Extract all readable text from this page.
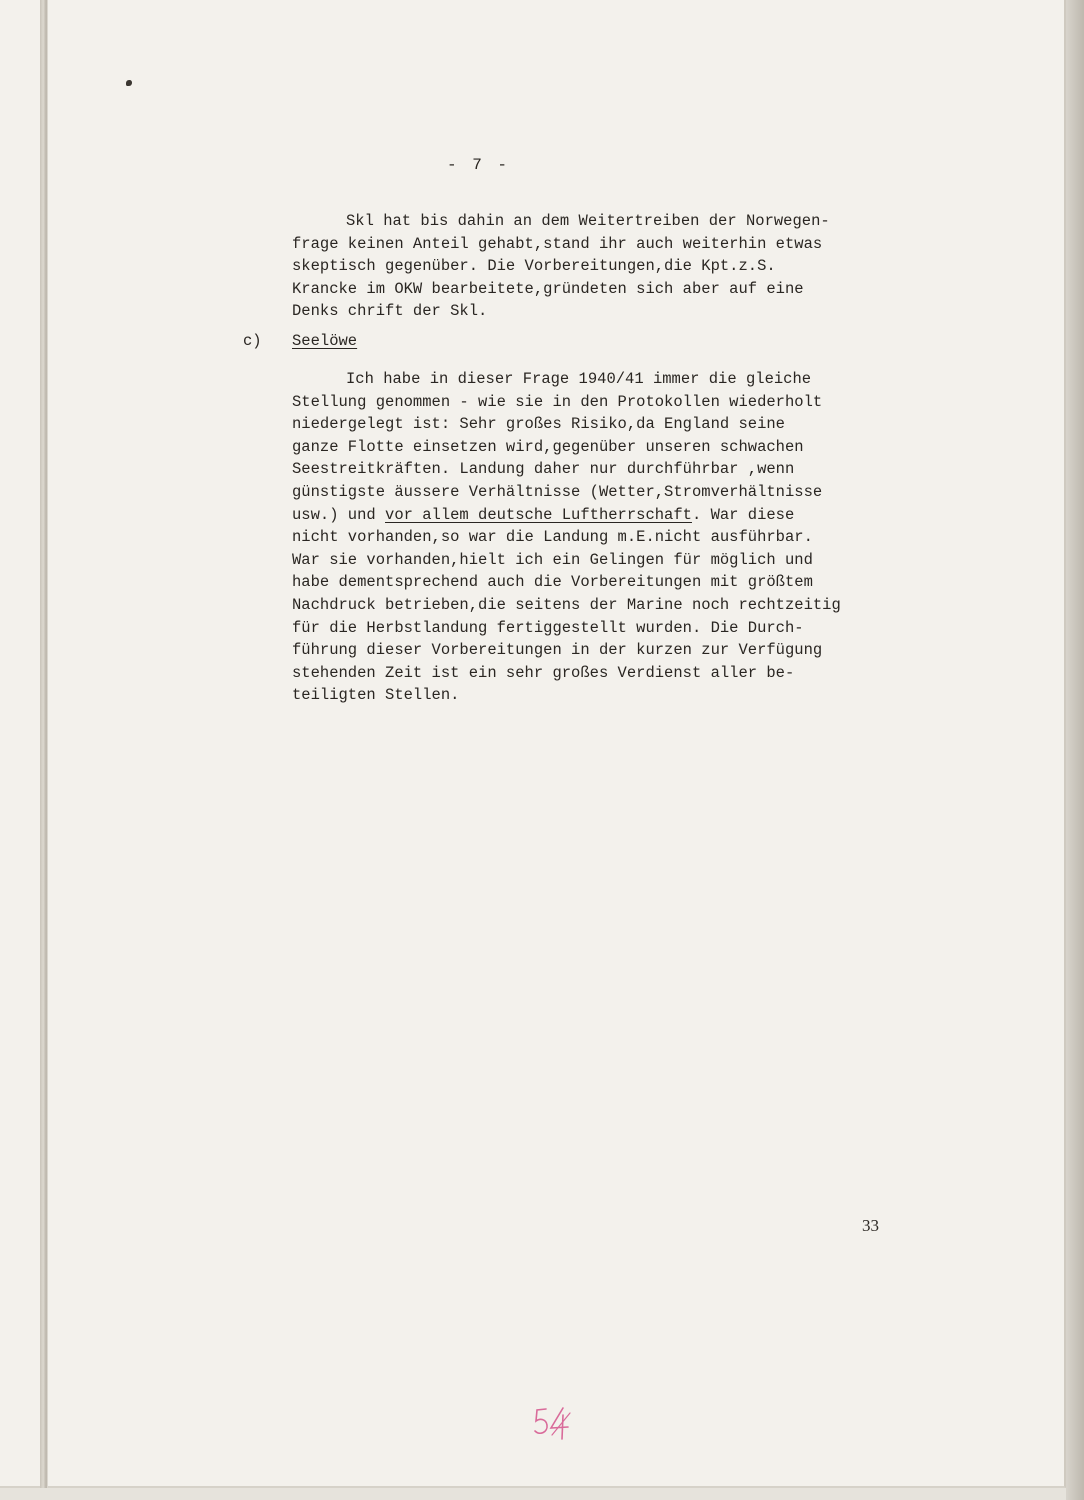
- 7 -
Skl hat bis dahin an dem Weitertreiben der Norwegen-
frage keinen Anteil gehabt,stand ihr auch weiterhin etwas
skeptisch gegenüber. Die Vorbereitungen,die Kpt.z.S.
Krancke im OKW bearbeitete,gründeten sich aber auf eine
Denks chrift der Skl.
c) Seelöwe
Ich habe in dieser Frage 1940/41 immer die gleiche
Stellung genommen - wie sie in den Protokollen wiederholt
niedergelegt ist: Sehr großes Risiko,da England seine
ganze Flotte einsetzen wird,gegenüber unseren schwachen
Seestreitkräften. Landung daher nur durchführbar ,wenn
günstigste äussere Verhältnisse (Wetter,Stromverhältnisse
usw.) und vor allem deutsche Luftherrschaft. War diese
nicht vorhanden,so war die Landung m.E.nicht ausführbar.
War sie vorhanden,hielt ich ein Gelingen für möglich und
habe dementsprechend auch die Vorbereitungen mit größtem
Nachdruck betrieben,die seitens der Marine noch rechtzeitig
für die Herbstlandung fertiggestellt wurden. Die Durch-
führung dieser Vorbereitungen in der kurzen zur Verfügung
stehenden Zeit ist ein sehr großes Verdienst aller be-
teiligten Stellen.
33
